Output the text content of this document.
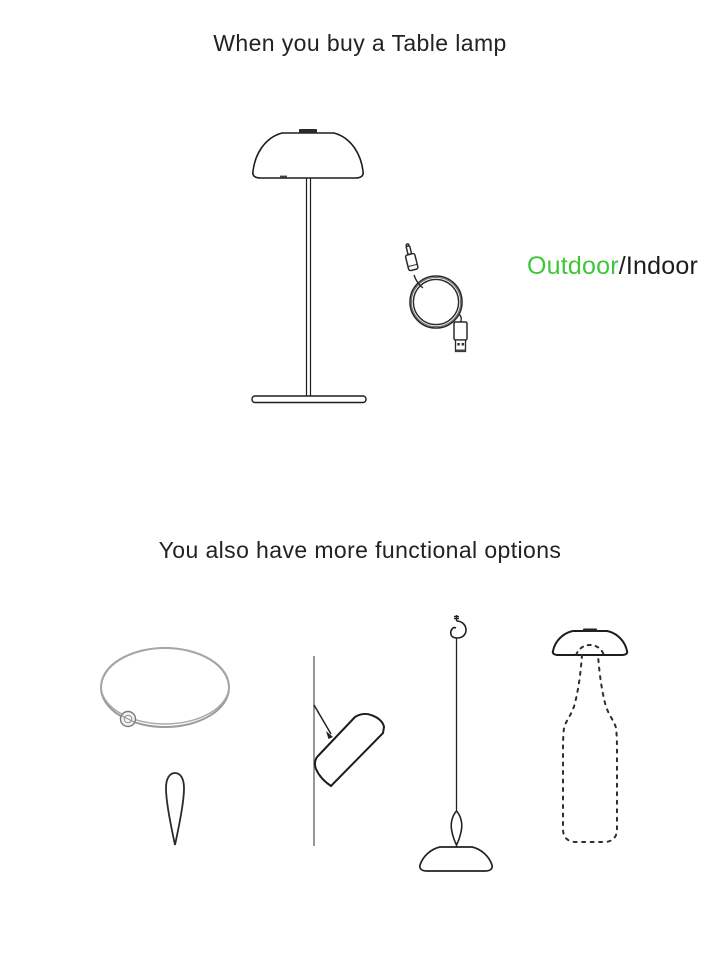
When you buy a Table lamp
Outdoor/Indoor
You also have more functional options
